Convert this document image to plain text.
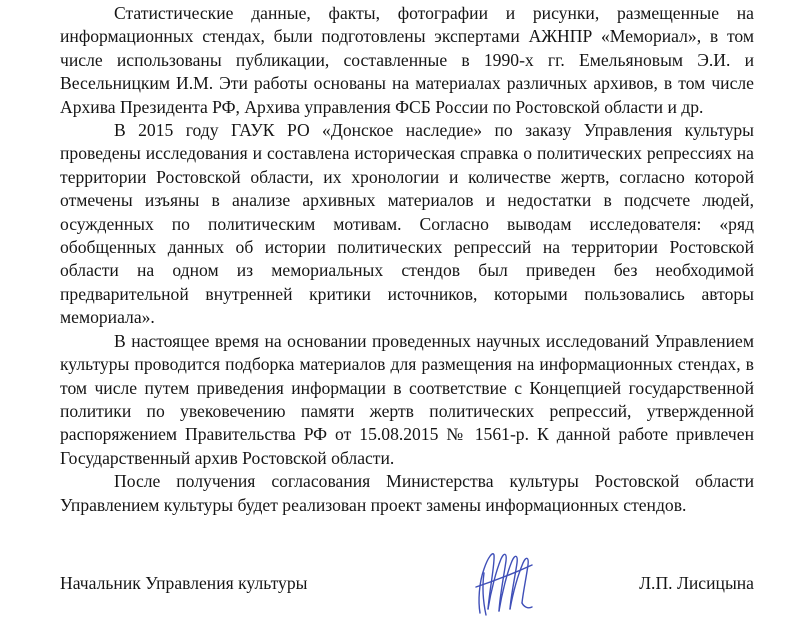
Статистические данные, факты, фотографии и рисунки, размещенные на информационных стендах, были подготовлены экспертами АЖНПР «Мемориал», в том числе использованы публикации, составленные в 1990-х гг. Емельяновым Э.И. и Весельницким И.М. Эти работы основаны на материалах различных архивов, в том числе Архива Президента РФ, Архива управления ФСБ России по Ростовской области и др.

В 2015 году ГАУК РО «Донское наследие» по заказу Управления культуры проведены исследования и составлена историческая справка о политических репрессиях на территории Ростовской области, их хронологии и количестве жертв, согласно которой отмечены изъяны в анализе архивных материалов и недостатки в подсчете людей, осужденных по политическим мотивам. Согласно выводам исследователя: «ряд обобщенных данных об истории политических репрессий на территории Ростовской области на одном из мемориальных стендов был приведен без необходимой предварительной внутренней критики источников, которыми пользовались авторы мемориала».

В настоящее время на основании проведенных научных исследований Управлением культуры проводится подборка материалов для размещения на информационных стендах, в том числе путем приведения информации в соответствие с Концепцией государственной политики по увековечению памяти жертв политических репрессий, утвержденной распоряжением Правительства РФ от 15.08.2015 № 1561-р. К данной работе привлечен Государственный архив Ростовской области.

После получения согласования Министерства культуры Ростовской области Управлением культуры будет реализован проект замены информационных стендов.

Начальник Управления культуры	Л.П. Лисицына
